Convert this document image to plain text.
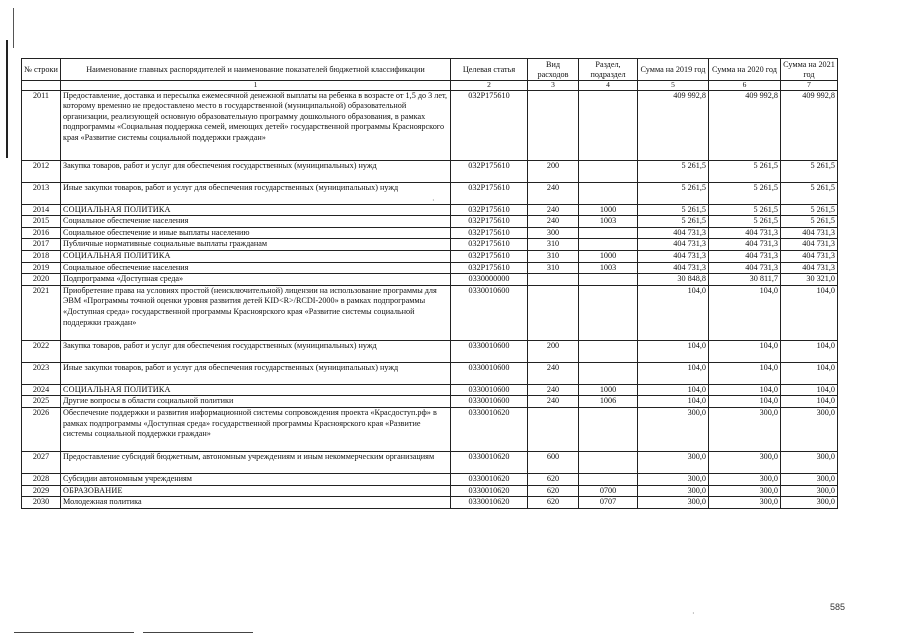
№ строки	Наименование главных распорядителей и наименование показателей бюджетной классификации	Целевая статья	Вид расходов	Раздел, подраздел	Сумма на 2019 год	Сумма на 2020 год	Сумма на 2021 год
	1	2	3	4	5	6	7
2011	Предоставление, доставка и пересылка ежемесячной денежной выплаты на ребенка в возрасте от 1,5 до 3 лет, которому временно не предоставлено место в государственной (муниципальной) образовательной организации, реализующей основную образовательную программу дошкольного образования, в рамках подпрограммы «Социальная поддержка семей, имеющих детей» государственной программы Красноярского края «Развитие системы социальной поддержки граждан»	032P175610			409 992,8	409 992,8	409 992,8
2012	Закупка товаров, работ и услуг для обеспечения государственных (муниципальных) нужд	032P175610	200		5 261,5	5 261,5	5 261,5
2013	Иные закупки товаров, работ и услуг для обеспечения государственных (муниципальных) нужд	032P175610	240		5 261,5	5 261,5	5 261,5
2014	СОЦИАЛЬНАЯ ПОЛИТИКА	032P175610	240	1000	5 261,5	5 261,5	5 261,5
2015	Социальное обеспечение населения	032P175610	240	1003	5 261,5	5 261,5	5 261,5
2016	Социальное обеспечение и иные выплаты населению	032P175610	300		404 731,3	404 731,3	404 731,3
2017	Публичные нормативные социальные выплаты гражданам	032P175610	310		404 731,3	404 731,3	404 731,3
2018	СОЦИАЛЬНАЯ ПОЛИТИКА	032P175610	310	1000	404 731,3	404 731,3	404 731,3
2019	Социальное обеспечение населения	032P175610	310	1003	404 731,3	404 731,3	404 731,3
2020	Подпрограмма «Доступная среда»	0330000000			30 848,8	30 811,7	30 321,0
2021	Приобретение права на условиях простой (неисключительной) лицензии на использование программы для ЭВМ «Программы точной оценки уровня развития детей KID<R>/RCDI-2000» в рамках подпрограммы «Доступная среда» государственной программы Красноярского края «Развитие системы социальной поддержки граждан»	0330010600			104,0	104,0	104,0
2022	Закупка товаров, работ и услуг для обеспечения государственных (муниципальных) нужд	0330010600	200		104,0	104,0	104,0
2023	Иные закупки товаров, работ и услуг для обеспечения государственных (муниципальных) нужд	0330010600	240		104,0	104,0	104,0
2024	СОЦИАЛЬНАЯ ПОЛИТИКА	0330010600	240	1000	104,0	104,0	104,0
2025	Другие вопросы в области социальной политики	0330010600	240	1006	104,0	104,0	104,0
2026	Обеспечение поддержки и развития информационной системы сопровождения проекта «Красдоступ.рф» в рамках подпрограммы «Доступная среда» государственной программы Красноярского края «Развитие системы социальной поддержки граждан»	0330010620			300,0	300,0	300,0
2027	Предоставление субсидий бюджетным, автономным учреждениям и иным некоммерческим организациям	0330010620	600		300,0	300,0	300,0
2028	Субсидии автономным учреждениям	0330010620	620		300,0	300,0	300,0
2029	ОБРАЗОВАНИЕ	0330010620	620	0700	300,0	300,0	300,0
2030	Молодежная политика	0330010620	620	0707	300,0	300,0	300,0
·
·
585
